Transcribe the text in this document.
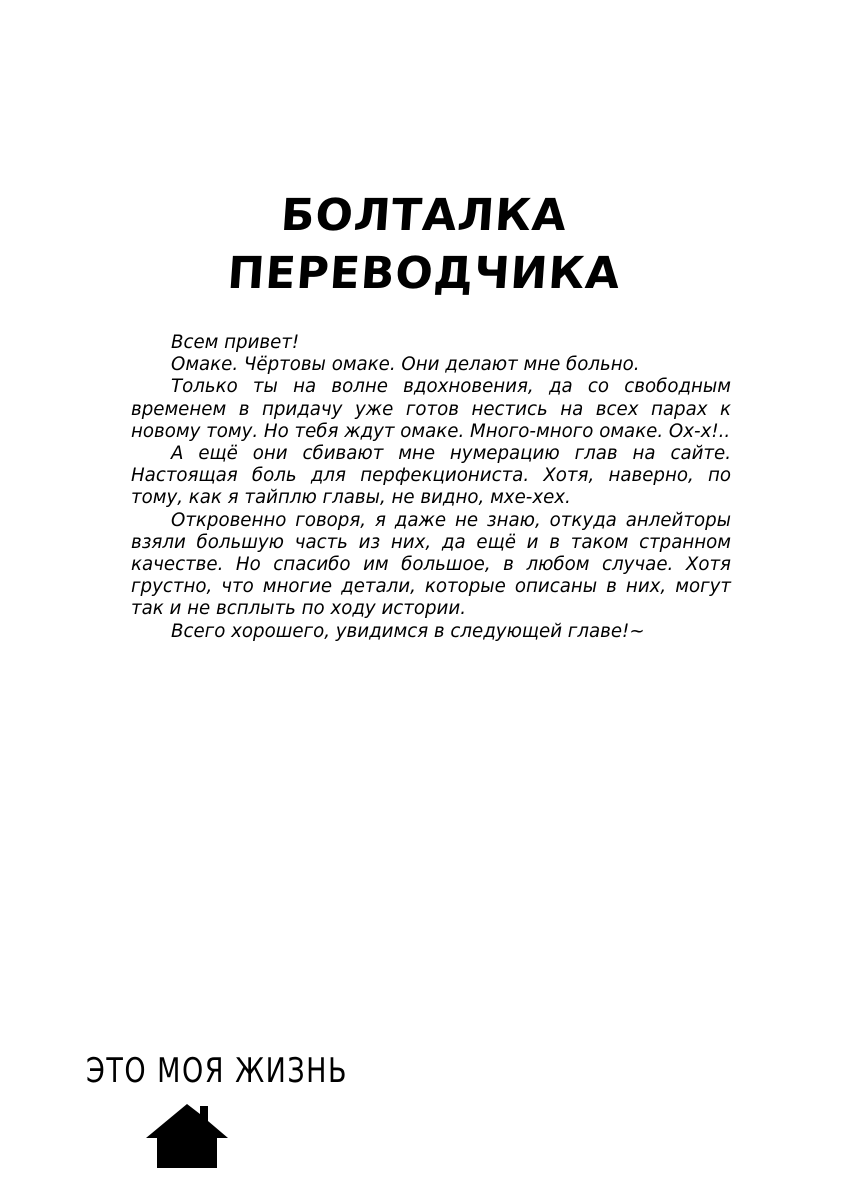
БОЛТАЛКА
ПЕРЕВОДЧИКА

Всем привет!

Омаке. Чёртовы омаке. Они делают мне больно.

Только ты на волне вдохновения, да со свободным временем в придачу уже готов нестись на всех парах к новому тому. Но тебя ждут омаке. Много-много омаке. Ох-х!..

А ещё они сбивают мне нумерацию глав на сайте. Настоящая боль для перфекциониста. Хотя, наверно, по тому, как я тайплю главы, не видно, мхе-хех.

Откровенно говоря, я даже не знаю, откуда анлейторы взяли большую часть из них, да ещё и в таком странном качестве. Но спасибо им большое, в любом случае. Хотя грустно, что многие детали, которые описаны в них, могут так и не всплыть по ходу истории.

Всего хорошего, увидимся в следующей главе!~

ЭТО МОЯ ЖИЗНЬ
